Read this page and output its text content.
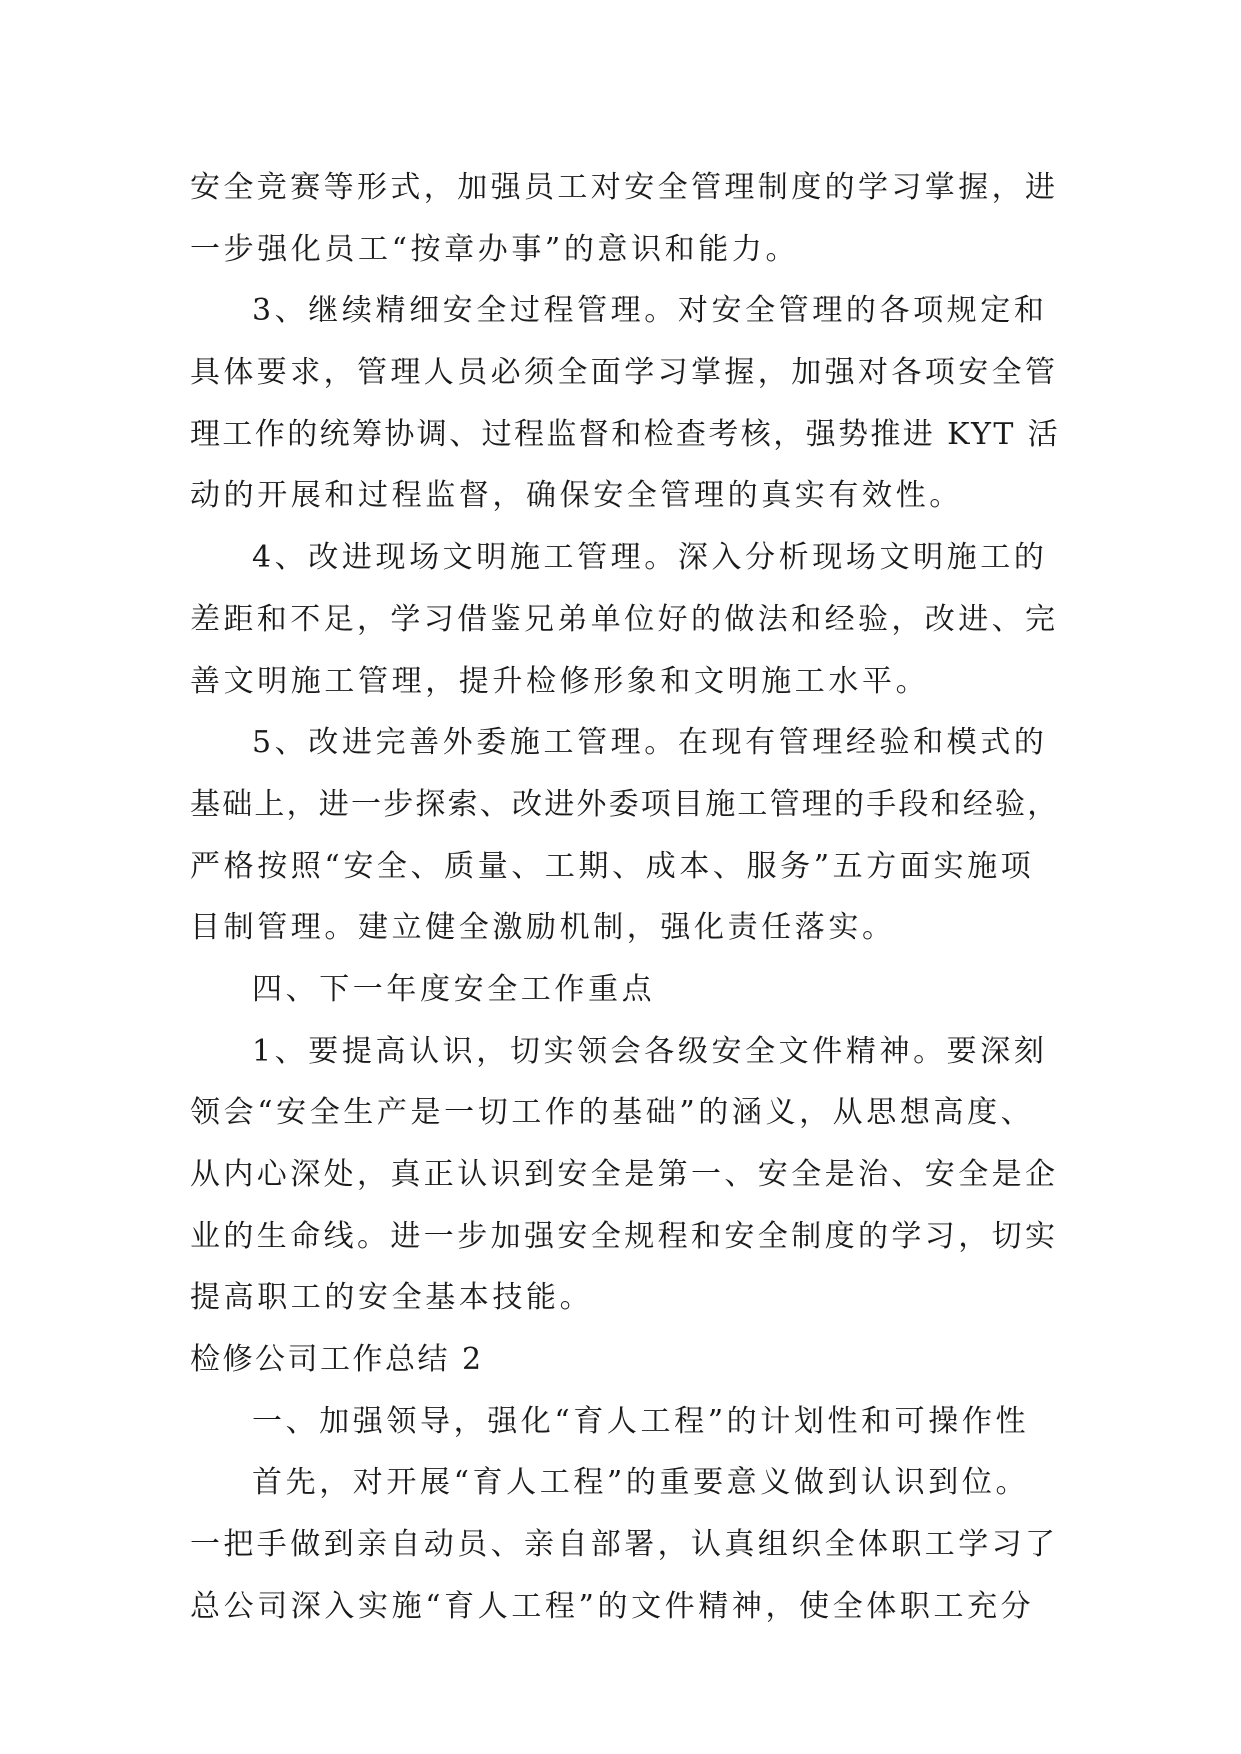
安全竞赛等形式，加强员工对安全管理制度的学习掌握，进
一步强化员工“按章办事”的意识和能力。
3、继续精细安全过程管理。对安全管理的各项规定和
具体要求，管理人员必须全面学习掌握，加强对各项安全管
理工作的统筹协调、过程监督和检查考核，强势推进 KYT 活
动的开展和过程监督，确保安全管理的真实有效性。
4、改进现场文明施工管理。深入分析现场文明施工的
差距和不足，学习借鉴兄弟单位好的做法和经验，改进、完
善文明施工管理，提升检修形象和文明施工水平。
5、改进完善外委施工管理。在现有管理经验和模式的
基础上，进一步探索、改进外委项目施工管理的手段和经验，
严格按照“安全、质量、工期、成本、服务”五方面实施项
目制管理。建立健全激励机制，强化责任落实。
四、下一年度安全工作重点
1、要提高认识，切实领会各级安全文件精神。要深刻
领会“安全生产是一切工作的基础”的涵义，从思想高度、
从内心深处，真正认识到安全是第一、安全是治、安全是企
业的生命线。进一步加强安全规程和安全制度的学习，切实
提高职工的安全基本技能。
检修公司工作总结 2
一、加强领导，强化“育人工程”的计划性和可操作性
首先，对开展“育人工程”的重要意义做到认识到位。
一把手做到亲自动员、亲自部署，认真组织全体职工学习了
总公司深入实施“育人工程”的文件精神，使全体职工充分
